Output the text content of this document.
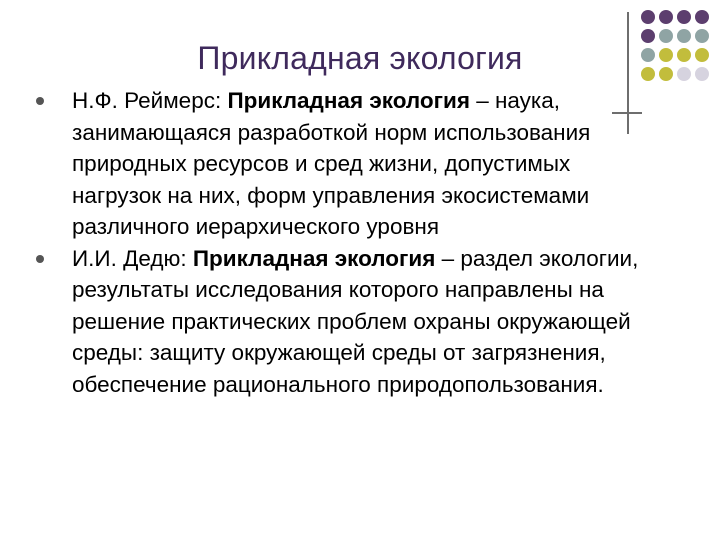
Прикладная экология
Н.Ф. Реймерс: Прикладная экология – наука, занимающаяся разработкой норм использования природных ресурсов и сред жизни, допустимых нагрузок на них, форм управления экосистемами различного иерархического уровня
И.И. Дедю: Прикладная экология – раздел экологии, результаты исследования которого направлены на решение практических проблем охраны окружающей среды: защиту окружающей среды от загрязнения, обеспечение рационального природопользования.
